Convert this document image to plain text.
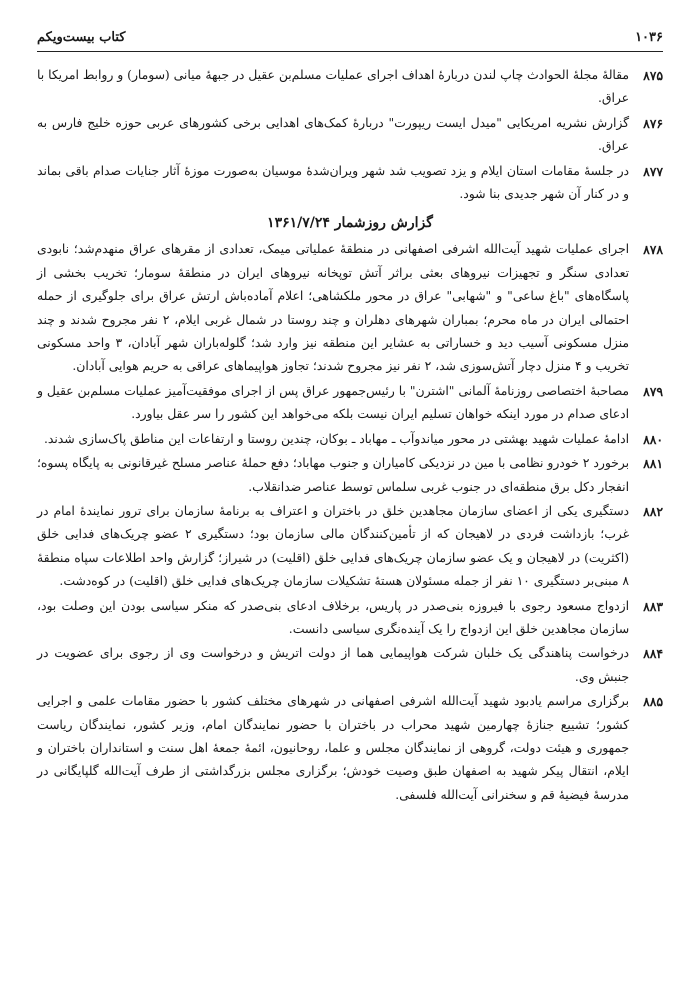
۱۰۳۶
کتاب بیست‌ویکم
۸۷۵
مقالهٔ مجلهٔ الحوادث چاپ لندن دربارهٔ اهداف اجرای عملیات مسلم‌بن عقیل در جبههٔ میانی (سومار) و روابط امریکا با عراق.
۸۷۶
گزارش نشریه امریکایی "میدل ایست ریپورت" دربارهٔ کمک‌های اهدایی برخی کشورهای عربی حوزه خلیج فارس به عراق.
۸۷۷
در جلسهٔ مقامات استان ایلام و یزد تصویب شد شهر ویران‌شدهٔ موسیان به‌صورت موزهٔ آثار جنایات صدام باقی بماند و در کنار آن شهر جدیدی بنا شود.
گزارش روزشمار ۱۳۶۱/۷/۲۴
۸۷۸
اجرای عملیات شهید آیت‌الله اشرفی اصفهانی در منطقهٔ عملیاتی میمک، تعدادی از مقرهای عراق منهدم‌شد؛ نابودی تعدادی سنگر و تجهیزات نیروهای بعثی براثر آتش توپخانه نیروهای ایران در منطقهٔ سومار؛ تخریب بخشی از پاسگاه‌های "باغ ساعی" و "شهابی" عراق در محور ملکشاهی؛ اعلام آماده‌باش ارتش عراق برای جلوگیری از حمله احتمالی ایران در ماه محرم؛ بمباران شهرهای دهلران و چند روستا در شمال غربی ایلام، ۲ نفر مجروح شدند و چند منزل مسکونی آسیب دید و خساراتی به عشایر این منطقه نیز وارد شد؛ گلوله‌باران شهر آبادان، ۳ واحد مسکونی تخریب و ۴ منزل دچار آتش‌سوزی شد، ۲ نفر نیز مجروح شدند؛ تجاوز هواپیماهای عراقی به حریم هوایی آبادان.
۸۷۹
مصاحبهٔ اختصاصی روزنامهٔ آلمانی "اشترن" با رئیس‌جمهور عراق پس از اجرای موفقیت‌آمیز عملیات مسلم‌بن عقیل و ادعای صدام در مورد اینکه خواهان تسلیم ایران نیست بلکه می‌خواهد این کشور را سر عقل بیاورد.
۸۸۰
ادامهٔ عملیات شهید بهشتی در محور میاندوآب ـ مهاباد ـ بوکان، چندین روستا و ارتفاعات این مناطق پاک‌سازی شدند.
۸۸۱
برخورد ۲ خودرو نظامی با مین در نزدیکی کامیاران و جنوب مهاباد؛ دفع حملهٔ عناصر مسلح غیرقانونی به پایگاه پسوه؛ انفجار دکل برق منطقه‌ای در جنوب غربی سلماس توسط عناصر ضدانقلاب.
۸۸۲
دستگیری یکی از اعضای سازمان مجاهدین خلق در باختران و اعتراف به برنامهٔ سازمان برای ترور نمایندهٔ امام در غرب؛ بازداشت فردی در لاهیجان که از تأمین‌کنندگان مالی سازمان بود؛ دستگیری ۲ عضو چریک‌های فدایی خلق (اکثریت) در لاهیجان و یک عضو سازمان چریک‌های فدایی خلق (اقلیت) در شیراز؛ گزارش واحد اطلاعات سپاه منطقهٔ ۸ مبنی‌بر دستگیری ۱۰ نفر از جمله مسئولان هستهٔ تشکیلات سازمان چریک‌های فدایی خلق (اقلیت) در کوه‌دشت.
۸۸۳
ازدواج مسعود رجوی با فیروزه بنی‌صدر در پاریس، برخلاف ادعای بنی‌صدر که منکر سیاسی بودن این وصلت بود، سازمان مجاهدین خلق این ازدواج را یک آینده‌نگری سیاسی دانست.
۸۸۴
درخواست پناهندگی یک خلبان شرکت هواپیمایی هما از دولت اتریش و درخواست وی از رجوی برای عضویت در جنبش وی.
۸۸۵
برگزاری مراسم یادبود شهید آیت‌الله اشرفی اصفهانی در شهرهای مختلف کشور با حضور مقامات علمی و اجرایی کشور؛ تشییع جنازهٔ چهارمین شهید محراب در باختران با حضور نمایندگان امام، وزیر کشور، نمایندگان ریاست جمهوری و هیئت دولت، گروهی از نمایندگان مجلس و علما، روحانیون، ائمهٔ جمعهٔ اهل سنت و استانداران باختران و ایلام، انتقال پیکر شهید به اصفهان طبق وصیت خودش؛ برگزاری مجلس بزرگداشتی از طرف آیت‌الله گلپایگانی در مدرسهٔ فیضیهٔ قم و سخنرانی آیت‌الله فلسفی.
